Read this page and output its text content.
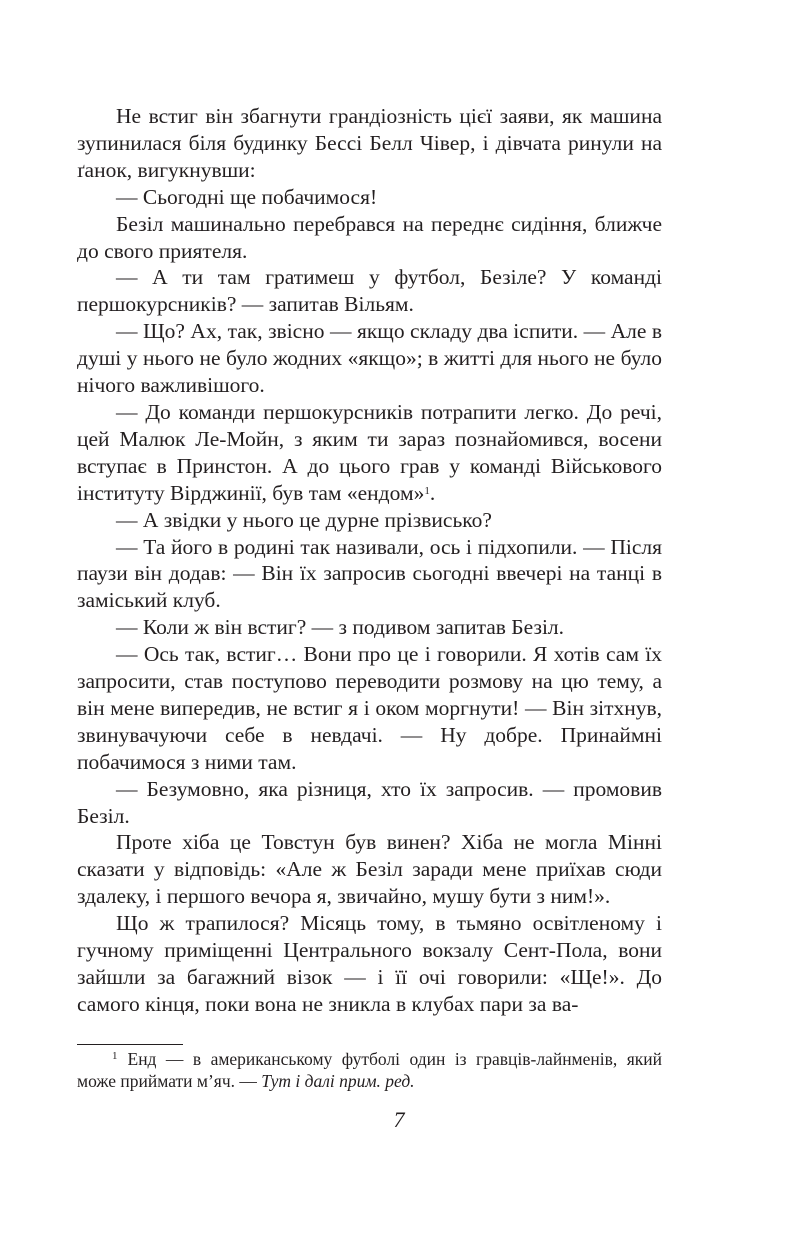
Не встиг він збагнути грандіозність цієї заяви, як машина зупинилася біля будинку Бессі Белл Чівер, і дівчата ринули на ґанок, вигукнувши:

— Сьогодні ще побачимося!

Безіл машинально перебрався на переднє сидіння, ближче до свого приятеля.

— А ти там гратимеш у футбол, Безіле? У команді першокурсників? — запитав Вільям.

— Що? Ах, так, звісно — якщо складу два іспити. — Але в душі у нього не було жодних «якщо»; в житті для нього не було нічого важливішого.

— До команди першокурсників потрапити легко. До речі, цей Малюк Ле-Мойн, з яким ти зараз познайомився, восени вступає в Принстон. А до цього грав у команді Військового інституту Вірджинії, був там «ендом»$^1$.

— А звідки у нього це дурне прізвисько?

— Та його в родині так називали, ось і підхопили. — Після паузи він додав: — Він їх запросив сьогодні ввечері на танці в заміський клуб.

— Коли ж він встиг? — з подивом запитав Безіл.

— Ось так, встиг… Вони про це і говорили. Я хотів сам їх запросити, став поступово переводити розмову на цю тему, а він мене випередив, не встиг я і оком моргнути! — Він зітхнув, звинувачуючи себе в невдачі. — Ну добре. Принаймні побачимося з ними там.

— Безумовно, яка різниця, хто їх запросив. — промовив Безіл.

Проте хіба це Товстун був винен? Хіба не могла Мінні сказати у відповідь: «Але ж Безіл заради мене приїхав сюди здалеку, і першого вечора я, звичайно, мушу бути з ним!».

Що ж трапилося? Місяць тому, в тьмяно освітленому і гучному приміщенні Центрального вокзалу Сент-Пола, вони зайшли за багажний візок — і її очі говорили: «Ще!». До самого кінця, поки вона не зникла в клубах пари за ва-

$^1$ Енд — в американському футболі один із гравців-лайнменів, який може приймати м’яч. — Тут і далі прим. ред.

7
